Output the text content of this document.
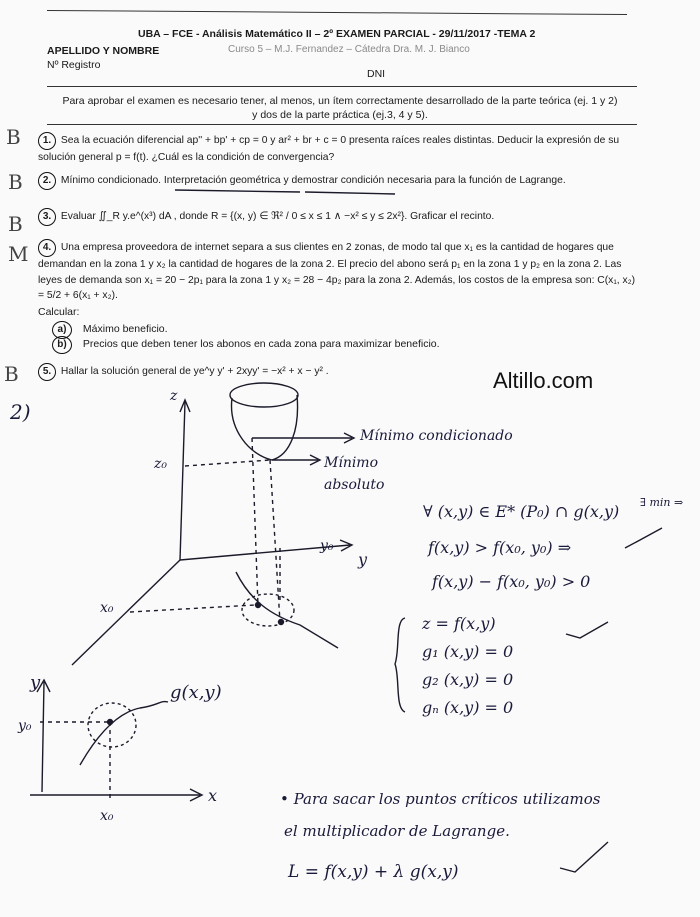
UBA – FCE - Análisis Matemático II – 2º EXAMEN PARCIAL - 29/11/2017 -TEMA 2
Curso 5 – M.J. Fernandez – Cátedra Dra. M. J. Bianco
APELLIDO Y NOMBRE
Nº Registro
DNI
Para aprobar el examen es necesario tener, al menos, un ítem correctamente desarrollado de la parte teórica (ej. 1 y 2) y dos de la parte práctica (ej.3, 4 y 5).
B
B
B
M
B
1. Sea la ecuación diferencial ap'' + bp' + cp = 0 y ar² + br + c = 0 presenta raíces reales distintas. Deducir la expresión de su solución general p = f(t). ¿Cuál es la condición de convergencia?
2. Mínimo condicionado. Interpretación geométrica y demostrar condición necesaria para la función de Lagrange.
3. Evaluar ∬_R y.e^(x³) dA , donde R = {(x, y) ∈ ℜ² / 0 ≤ x ≤ 1 ∧ −x² ≤ y ≤ 2x²}. Graficar el recinto.
4. Una empresa proveedora de internet separa a sus clientes en 2 zonas, de modo tal que x₁ es la cantidad de hogares que demandan en la zona 1 y x₂ la cantidad de hogares de la zona 2. El precio del abono será p₁ en la zona 1 y p₂ en la zona 2. Las leyes de demanda son x₁ = 20 − 2p₁ para la zona 1 y x₂ = 28 − 4p₂ para la zona 2. Además, los costos de la empresa son: C(x₁, x₂) = 5/2 + 6(x₁ + x₂).
Calcular:
a) Máximo beneficio.
b) Precios que deben tener los abonos en cada zona para maximizar beneficio.
5. Hallar la solución general de ye^y y' + 2xyy' = −x² + x − y² .	Altillo.com
2)
z
z₀
y₀
y
x₀
Mínimo condicionado
Mínimo absoluto
∀ (x,y) ∈ E* (P₀) ∩ g(x,y) ∃ min ⇒
f(x,y) > f(x₀, y₀) ⇒
f(x,y) − f(x₀, y₀) > 0
z = f(x,y)
g₁ (x,y) = 0
g₂ (x,y) = 0
gₙ (x,y) = 0
y
y₀
x
x₀
g(x,y)
• Para sacar los puntos críticos utilizamos
el multiplicador de Lagrange.
L = f(x,y) + λ g(x,y)
